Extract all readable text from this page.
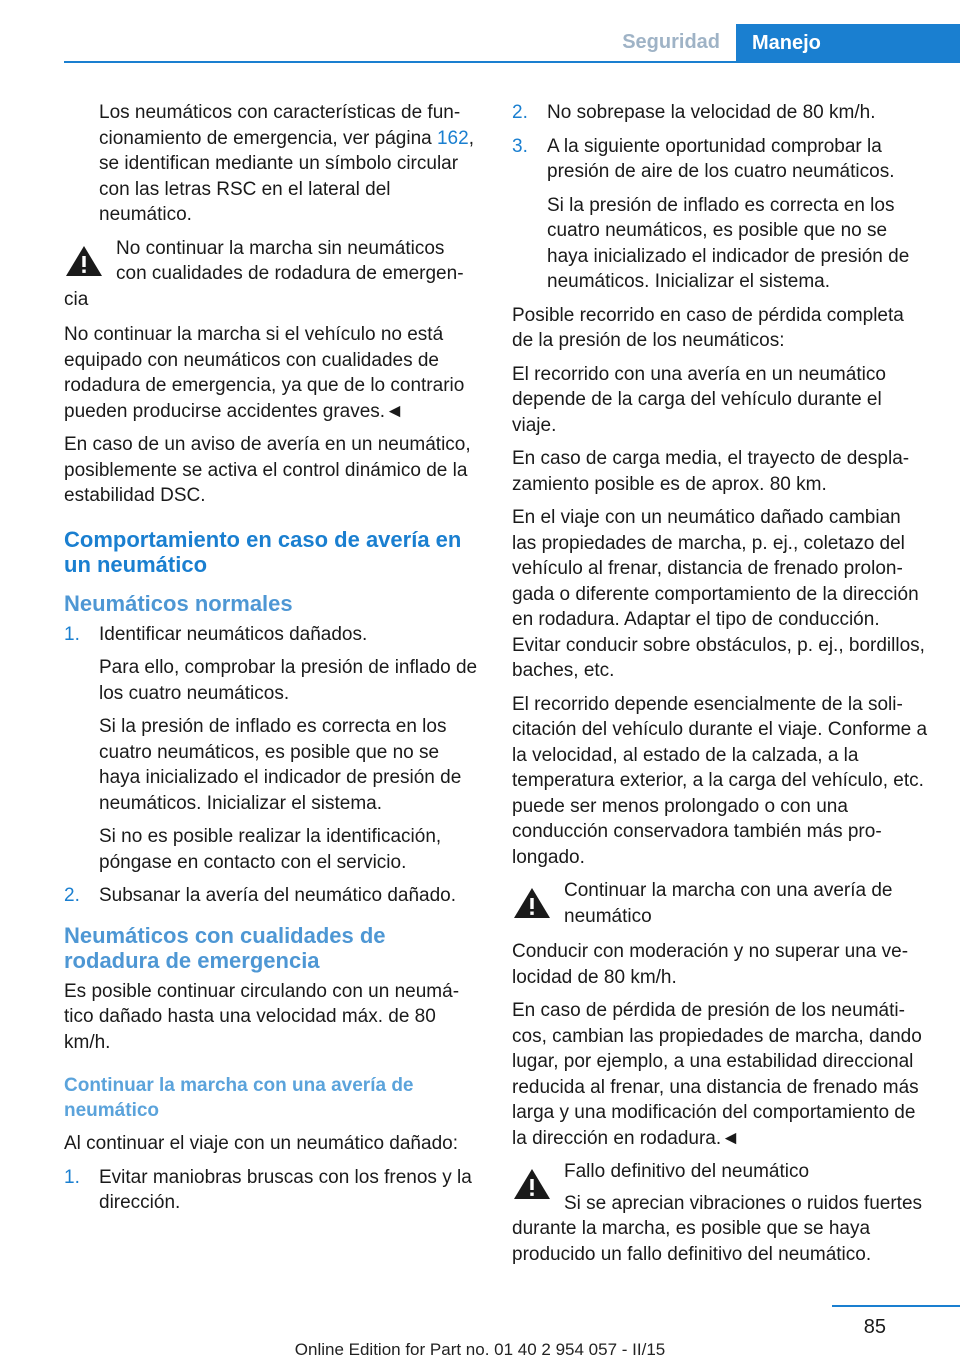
Seguridad	Manejo

Los neumáticos con características de funcionamiento de emergencia, ver página 162, se identifican mediante un símbolo circular con las letras RSC en el lateral del neumático.

No continuar la marcha sin neumáticos con cualidades de rodadura de emergencia

No continuar la marcha si el vehículo no está equipado con neumáticos con cualidades de rodadura de emergencia, ya que de lo contrario pueden producirse accidentes graves.◄

En caso de un aviso de avería en un neumático, posiblemente se activa el control dinámico de la estabilidad DSC.

Comportamiento en caso de avería en un neumático
Neumáticos normales
1. Identificar neumáticos dañados.

Para ello, comprobar la presión de inflado de los cuatro neumáticos.

Si la presión de inflado es correcta en los cuatro neumáticos, es posible que no se haya inicializado el indicador de presión de neumáticos. Inicializar el sistema.

Si no es posible realizar la identificación, póngase en contacto con el servicio.

2. Subsanar la avería del neumático dañado.

Neumáticos con cualidades de rodadura de emergencia

Es posible continuar circulando con un neumático dañado hasta una velocidad máx. de 80 km/h.

Continuar la marcha con una avería de neumático

Al continuar el viaje con un neumático dañado:

1. Evitar maniobras bruscas con los frenos y la dirección.

2. No sobrepase la velocidad de 80 km/h.

3. A la siguiente oportunidad comprobar la presión de aire de los cuatro neumáticos.

Si la presión de inflado es correcta en los cuatro neumáticos, es posible que no se haya inicializado el indicador de presión de neumáticos. Inicializar el sistema.

Posible recorrido en caso de pérdida completa de la presión de los neumáticos:

El recorrido con una avería en un neumático depende de la carga del vehículo durante el viaje.

En caso de carga media, el trayecto de desplazamiento posible es de aprox. 80 km.

En el viaje con un neumático dañado cambian las propiedades de marcha, p. ej., coletazo del vehículo al frenar, distancia de frenado prolongada o diferente comportamiento de la dirección en rodadura. Adaptar el tipo de conducción. Evitar conducir sobre obstáculos, p. ej., bordillos, baches, etc.

El recorrido depende esencialmente de la solicitación del vehículo durante el viaje. Conforme a la velocidad, al estado de la calzada, a la temperatura exterior, a la carga del vehículo, etc. puede ser menos prolongado o con una conducción conservadora también más prolongado.

Continuar la marcha con una avería de neumático

Conducir con moderación y no superar una velocidad de 80 km/h.

En caso de pérdida de presión de los neumáticos, cambian las propiedades de marcha, dando lugar, por ejemplo, a una estabilidad direccional reducida al frenar, una distancia de frenado más larga y una modificación del comportamiento de la dirección en rodadura.◄

Fallo definitivo del neumático

Si se aprecian vibraciones o ruidos fuertes durante la marcha, es posible que se haya producido un fallo definitivo del neumático.

85
Online Edition for Part no. 01 40 2 954 057 - II/15
